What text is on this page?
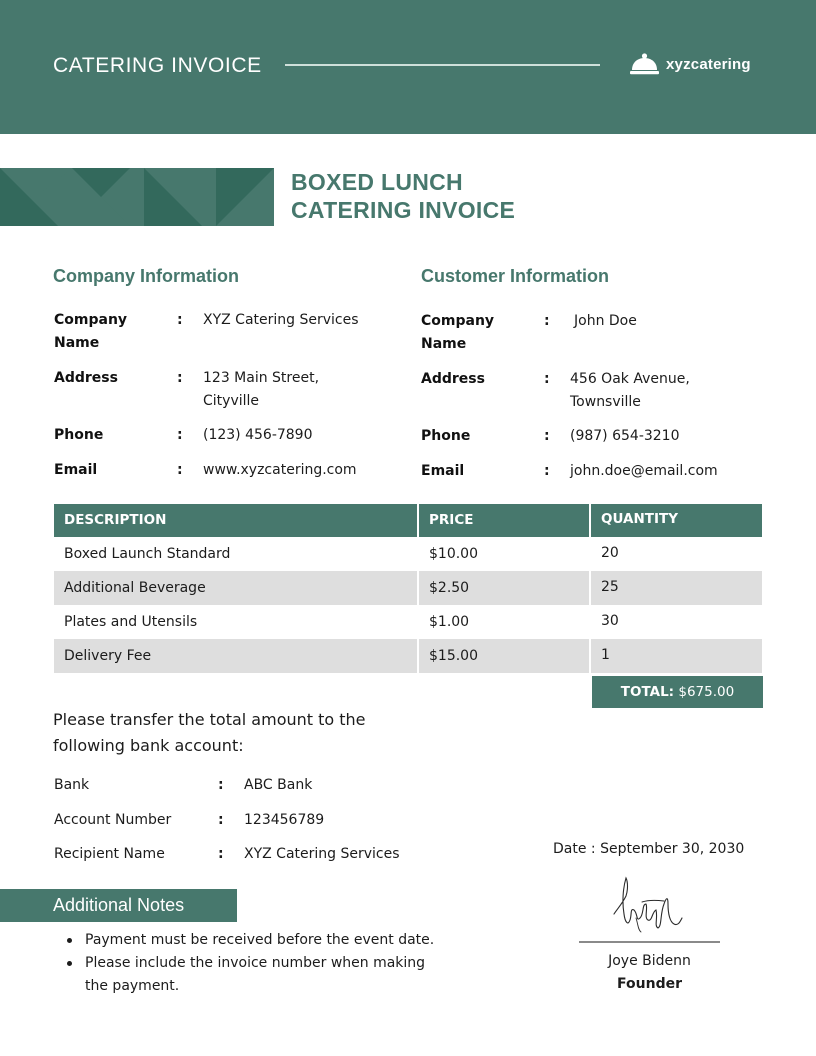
CATERING INVOICE	xyzcatering
BOXED LUNCH
CATERING INVOICE
Company Information
Company Name
: XYZ Catering Services
Address	: 123 Main Street, Cityville
Phone	: (123) 456-7890
Email	: www.xyzcatering.com
Customer Information
Company Name
: John Doe
Address	: 456 Oak Avenue, Townsville
Phone	: (987) 654-3210
Email	: john.doe@email.com
DESCRIPTION	PRICE	QUANTITY
Boxed Launch Standard	$10.00	20
Additional Beverage	$2.50	25
Plates and Utensils	$1.00	30
Delivery Fee	$15.00	1
TOTAL: $675.00
Please transfer the total amount to the following bank account:
Bank	: ABC Bank
Account Number	: 123456789
Recipient Name	: XYZ Catering Services	Date : September 30, 2030
Additional Notes
Payment must be received before the event date.
Please include the invoice number when making the payment.
Joye Bidenn
Founder
